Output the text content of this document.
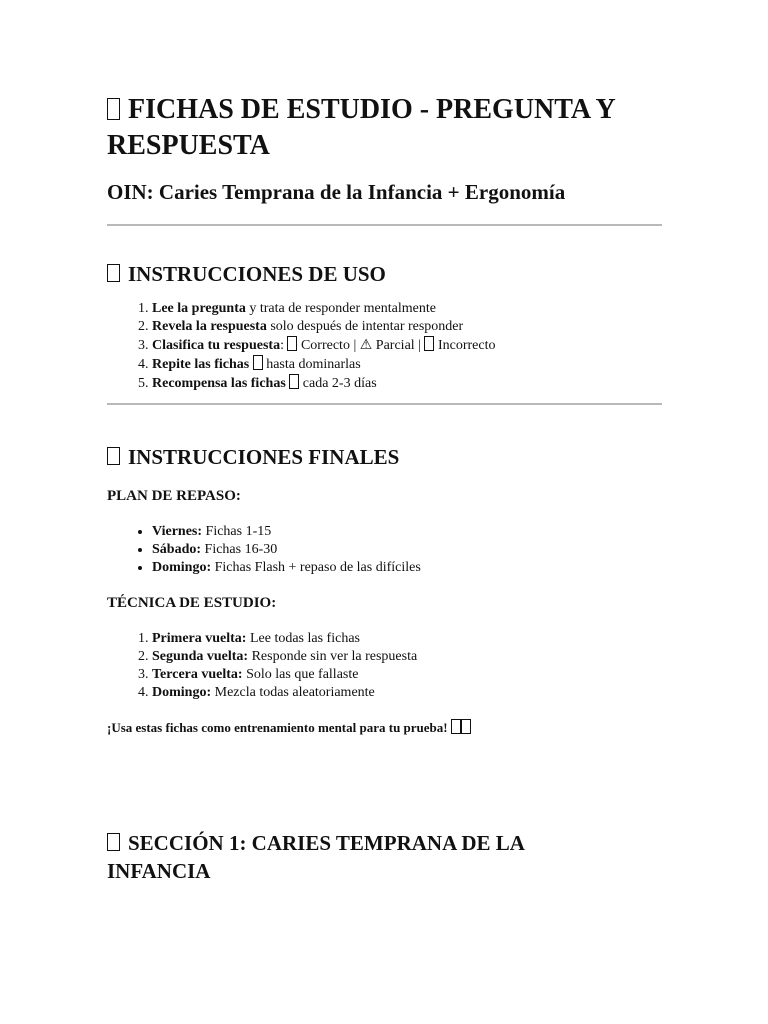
FICHAS DE ESTUDIO - PREGUNTA Y RESPUESTA
OIN: Caries Temprana de la Infancia + Ergonomía
INSTRUCCIONES DE USO
1. Lee la pregunta y trata de responder mentalmente
2. Revela la respuesta solo después de intentar responder
3. Clasifica tu respuesta:  Correcto | ⚠ Parcial |  Incorrecto
4. Repite las fichas  hasta dominarlas
5. Recompensa las fichas  cada 2-3 días
INSTRUCCIONES FINALES
PLAN DE REPASO:
• Viernes: Fichas 1-15
• Sábado: Fichas 16-30
• Domingo: Fichas Flash + repaso de las difíciles
TÉCNICA DE ESTUDIO:
1. Primera vuelta: Lee todas las fichas
2. Segunda vuelta: Responde sin ver la respuesta
3. Tercera vuelta: Solo las que fallaste
4. Domingo: Mezcla todas aleatoriamente
¡Usa estas fichas como entrenamiento mental para tu prueba!
SECCIÓN 1: CARIES TEMPRANA DE LA INFANCIA
